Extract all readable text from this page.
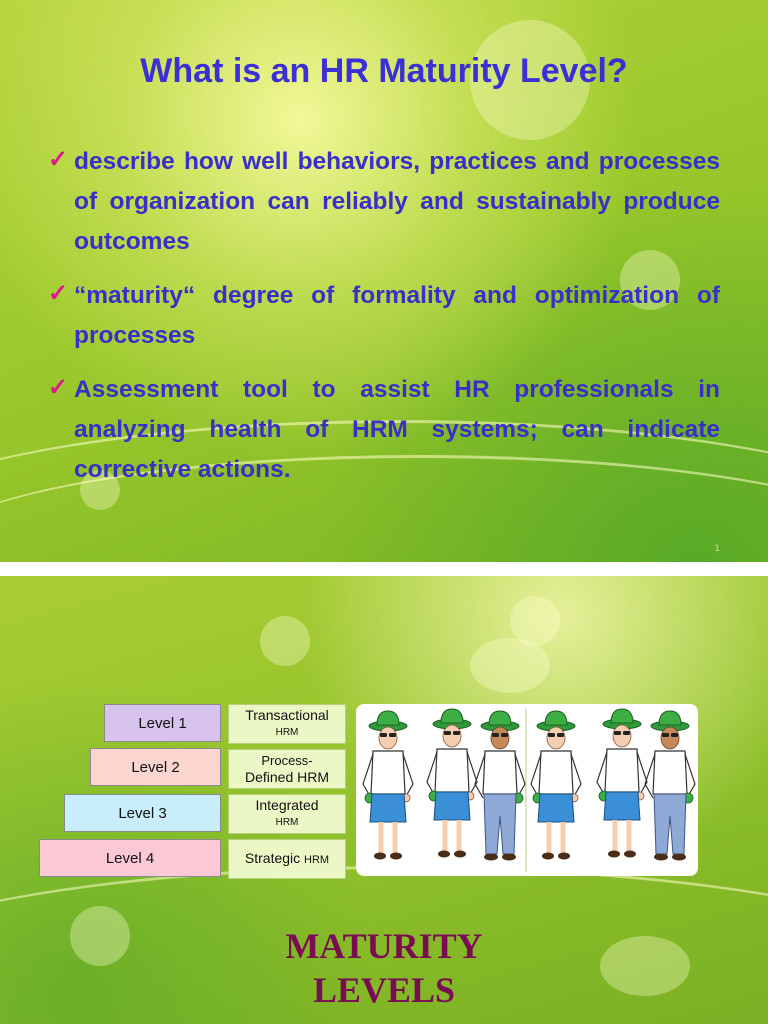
What is an HR Maturity Level?
✓ describe how well behaviors, practices and processes of organization can reliably and sustainably produce outcomes
✓ “maturity“ degree of formality and optimization of processes
✓ Assessment tool to assist HR professionals in analyzing health of HRM systems; can indicate corrective actions.
1
Level 1
Level 2
Level 3
Level 4
Transactional
HRM
Process-
Defined HRM
Integrated
HRM
Strategic HRM
MATURITY
LEVELS
